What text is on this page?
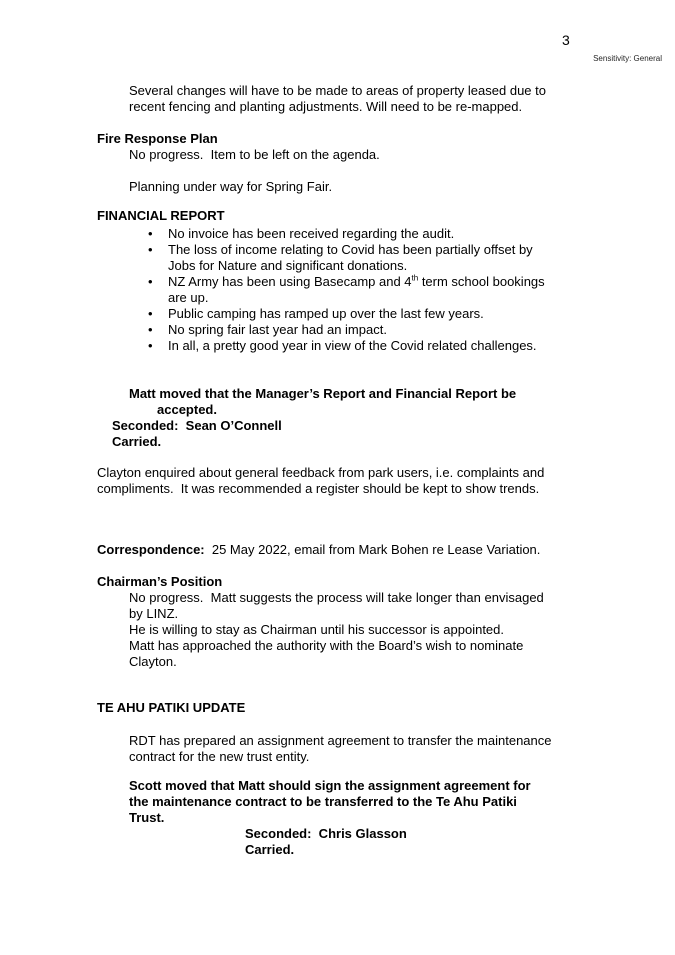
3
Sensitivity: General
Several changes will have to be made to areas of property leased due to
recent fencing and planting adjustments. Will need to be re-mapped.
Fire Response Plan
No progress.  Item to be left on the agenda.
Planning under way for Spring Fair.
FINANCIAL REPORT
• No invoice has been received regarding the audit.
• The loss of income relating to Covid has been partially offset by
Jobs for Nature and significant donations.
• NZ Army has been using Basecamp and 4th term school bookings
are up.
• Public camping has ramped up over the last few years.
• No spring fair last year had an impact.
• In all, a pretty good year in view of the Covid related challenges.
Matt moved that the Manager’s Report and Financial Report be
accepted.
Seconded:  Sean O’Connell
Carried.
Clayton enquired about general feedback from park users, i.e. complaints and
compliments.  It was recommended a register should be kept to show trends.
Correspondence:  25 May 2022, email from Mark Bohen re Lease Variation.
Chairman’s Position
No progress.  Matt suggests the process will take longer than envisaged
by LINZ.
He is willing to stay as Chairman until his successor is appointed.
Matt has approached the authority with the Board’s wish to nominate
Clayton.
TE AHU PATIKI UPDATE
RDT has prepared an assignment agreement to transfer the maintenance
contract for the new trust entity.
Scott moved that Matt should sign the assignment agreement for
the maintenance contract to be transferred to the Te Ahu Patiki
Trust.
Seconded:  Chris Glasson
Carried.
